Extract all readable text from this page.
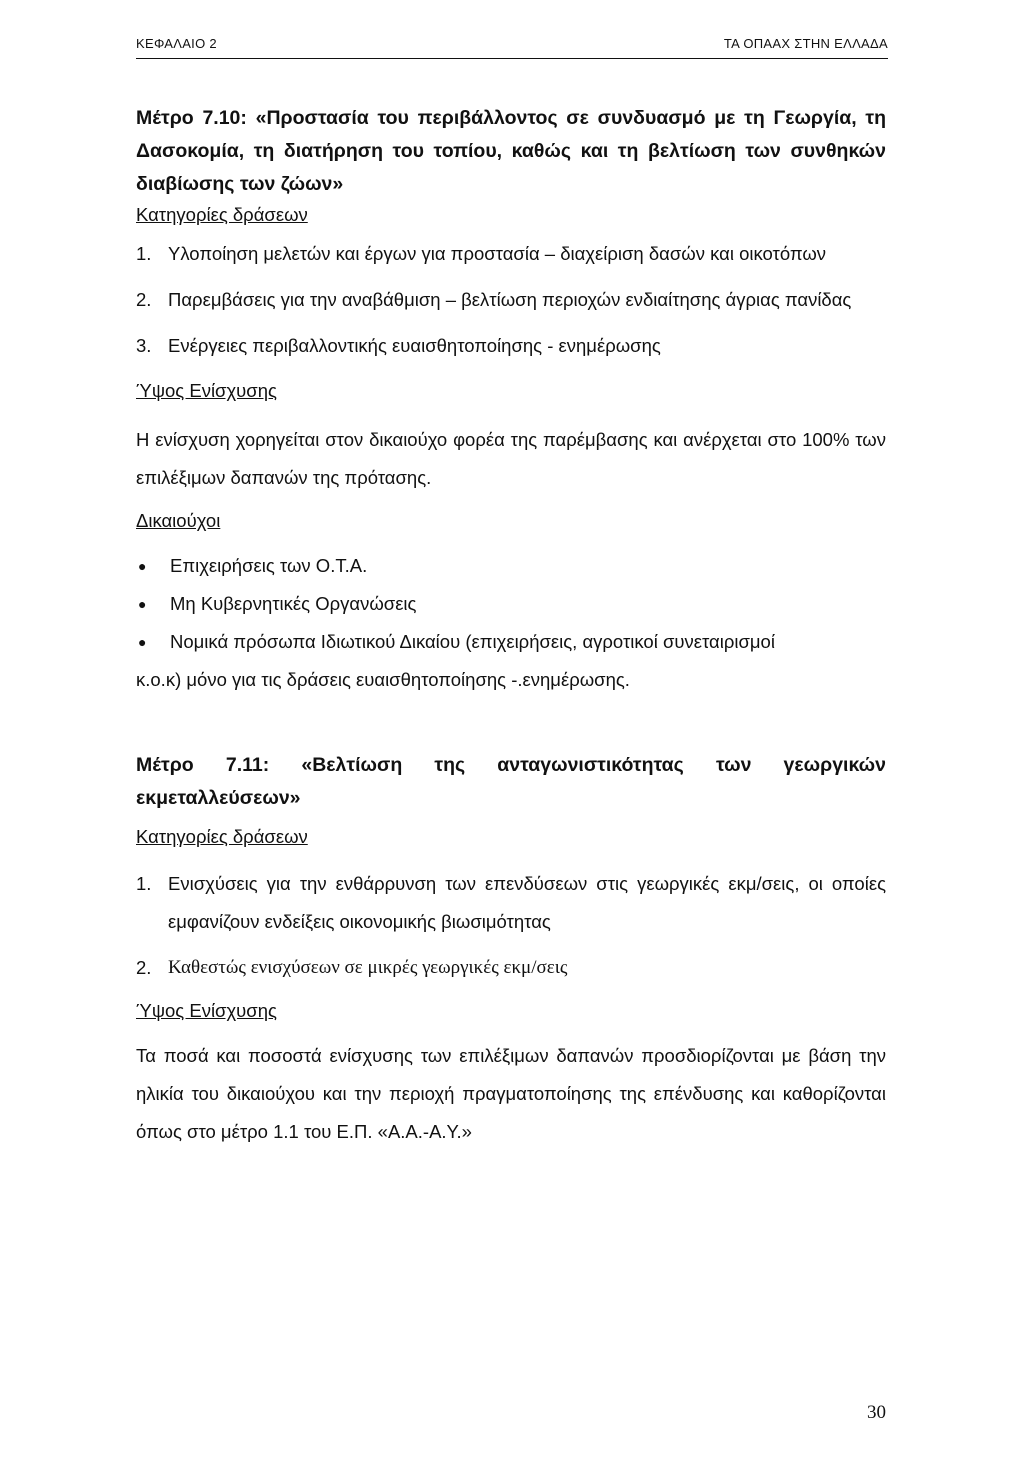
ΚΕΦΑΛΑΙΟ 2	ΤΑ ΟΠΑΑΧ ΣΤΗΝ ΕΛΛΑΔΑ

Μέτρο 7.10: «Προστασία του περιβάλλοντος σε συνδυασμό με τη Γεωργία, τη Δασοκομία, τη διατήρηση του τοπίου, καθώς και τη βελτίωση των συνθηκών διαβίωσης των ζώων»

Κατηγορίες δράσεων

1. Υλοποίηση μελετών και έργων για προστασία – διαχείριση δασών και οικοτόπων
2. Παρεμβάσεις για την αναβάθμιση – βελτίωση περιοχών ενδιαίτησης άγριας πανίδας
3. Ενέργειες περιβαλλοντικής ευαισθητοποίησης - ενημέρωσης

Ύψος Ενίσχυσης

Η ενίσχυση χορηγείται στον δικαιούχο φορέα της παρέμβασης και ανέρχεται στο 100% των επιλέξιμων δαπανών της πρότασης.

Δικαιούχοι

●	Επιχειρήσεις των Ο.Τ.Α.
●	Μη Κυβερνητικές Οργανώσεις
●	Νομικά πρόσωπα Ιδιωτικού Δικαίου (επιχειρήσεις, αγροτικοί συνεταιρισμοί

κ.ο.κ) μόνο για τις δράσεις ευαισθητοποίησης -.ενημέρωσης.

Μέτρο 7.11: «Βελτίωση της ανταγωνιστικότητας των γεωργικών εκμεταλλεύσεων»

Κατηγορίες δράσεων

1. Ενισχύσεις για την ενθάρρυνση των επενδύσεων στις γεωργικές εκμ/σεις, οι οποίες εμφανίζουν ενδείξεις οικονομικής βιωσιμότητας
2. Καθεστώς ενισχύσεων σε μικρές γεωργικές εκμ/σεις

Ύψος Ενίσχυσης

Τα ποσά και ποσοστά ενίσχυσης των επιλέξιμων δαπανών προσδιορίζονται με βάση την ηλικία του δικαιούχου και την περιοχή πραγματοποίησης της επένδυσης και καθορίζονται όπως στο μέτρο 1.1 του Ε.Π. «Α.Α.-Α.Υ.»

30
